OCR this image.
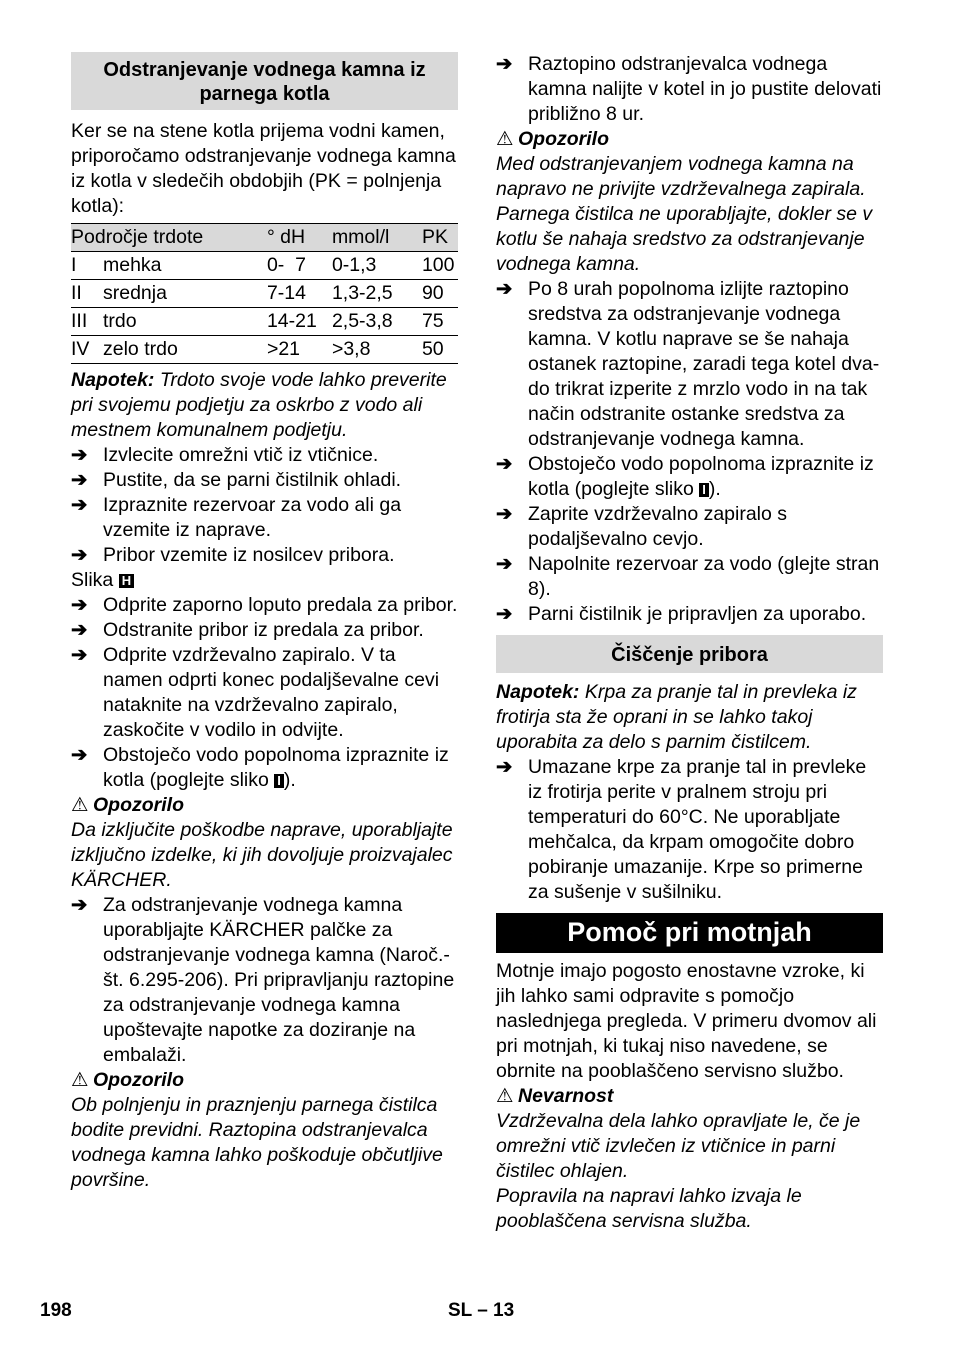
Odstranjevanje vodnega kamna iz parnega kotla

Ker se na stene kotla prijema vodni kamen, priporočamo odstranjevanje vodnega kamna iz kotla v sledečih obdobjih (PK = polnjenja kotla):

Področje trdote		° dH	mmol/l	PK
I	mehka	0-  7	0-1,3	100
II	srednja	7-14	1,3-2,5	90
III	trdo	14-21	2,5-3,8	75
IV	zelo trdo	>21	>3,8	50

Napotek: Trdoto svoje vode lahko preverite pri svojemu podjetju za oskrbo z vodo ali mestnem komunalnem podjetju.

➔ Izvlecite omrežni vtič iz vtičnice.
➔ Pustite, da se parni čistilnik ohladi.
➔ Izpraznite rezervoar za vodo ali ga vzemite iz naprave.
➔ Pribor vzemite iz nosilcev pribora.

Slika H

➔ Odprite zaporno loputo predala za pribor.
➔ Odstranite pribor iz predala za pribor.
➔ Odprite vzdrževalno zapiralo. V ta namen odprti konec podaljševalne cevi nataknite na vzdrževalno zapiralo, zaskočite v vodilo in odvijte.
➔ Obstoječo vodo popolnoma izpraznite iz kotla (poglejte sliko I ).

⚠ Opozorilo

Da izključite poškodbe naprave, uporabljajte izključno izdelke, ki jih dovoljuje proizvajalec KÄRCHER.

➔ Za odstranjevanje vodnega kamna uporabljajte KÄRCHER palčke za odstranjevanje vodnega kamna (Naroč.-št. 6.295-206). Pri pripravljanju raztopine za odstranjevanje vodnega kamna upoštevajte napotke za doziranje na embalaži.

⚠ Opozorilo

Ob polnjenju in praznjenju parnega čistilca bodite previdni. Raztopina odstranjevalca vodnega kamna lahko poškoduje občutljive površine.

➔ Raztopino odstranjevalca vodnega kamna nalijte v kotel in jo pustite delovati približno 8 ur.

⚠ Opozorilo

Med odstranjevanjem vodnega kamna na napravo ne privijte vzdrževalnega zapirala. Parnega čistilca ne uporabljajte, dokler se v kotlu še nahaja sredstvo za odstranjevanje vodnega kamna.

➔ Po 8 urah popolnoma izlijte raztopino sredstva za odstranjevanje vodnega kamna. V kotlu naprave se še nahaja ostanek raztopine, zaradi tega kotel dva- do trikrat izperite z mrzlo vodo in na tak način odstranite ostanke sredstva za odstranjevanje vodnega kamna.
➔ Obstoječo vodo popolnoma izpraznite iz kotla (poglejte sliko I ).
➔ Zaprite vzdrževalno zapiralo s podaljševalno cevjo.
➔ Napolnite rezervoar za vodo (glejte stran 8).
➔ Parni čistilnik je pripravljen za uporabo.
Čiščenje pribora

Napotek: Krpa za pranje tal in prevleka iz frotirja sta že oprani in se lahko takoj uporabita za delo s parnim čistilcem.

➔ Umazane krpe za pranje tal in prevleke iz frotirja perite v pralnem stroju pri temperaturi do 60°C. Ne uporabljate mehčalca, da krpam omogočite dobro pobiranje umazanije. Krpe so primerne za sušenje v sušilniku.
Pomoč pri motnjah

Motnje imajo pogosto enostavne vzroke, ki jih lahko sami odpravite s pomočjo naslednjega pregleda. V primeru dvomov ali pri motnjah, ki tukaj niso navedene, se obrnite na pooblaščeno servisno službo.

⚠ Nevarnost

Vzdrževalna dela lahko opravljate le, če je omrežni vtič izvlečen iz vtičnice in parni čistilec ohlajen.

Popravila na napravi lahko izvaja le pooblaščena servisna služba.

198	SL – 13
